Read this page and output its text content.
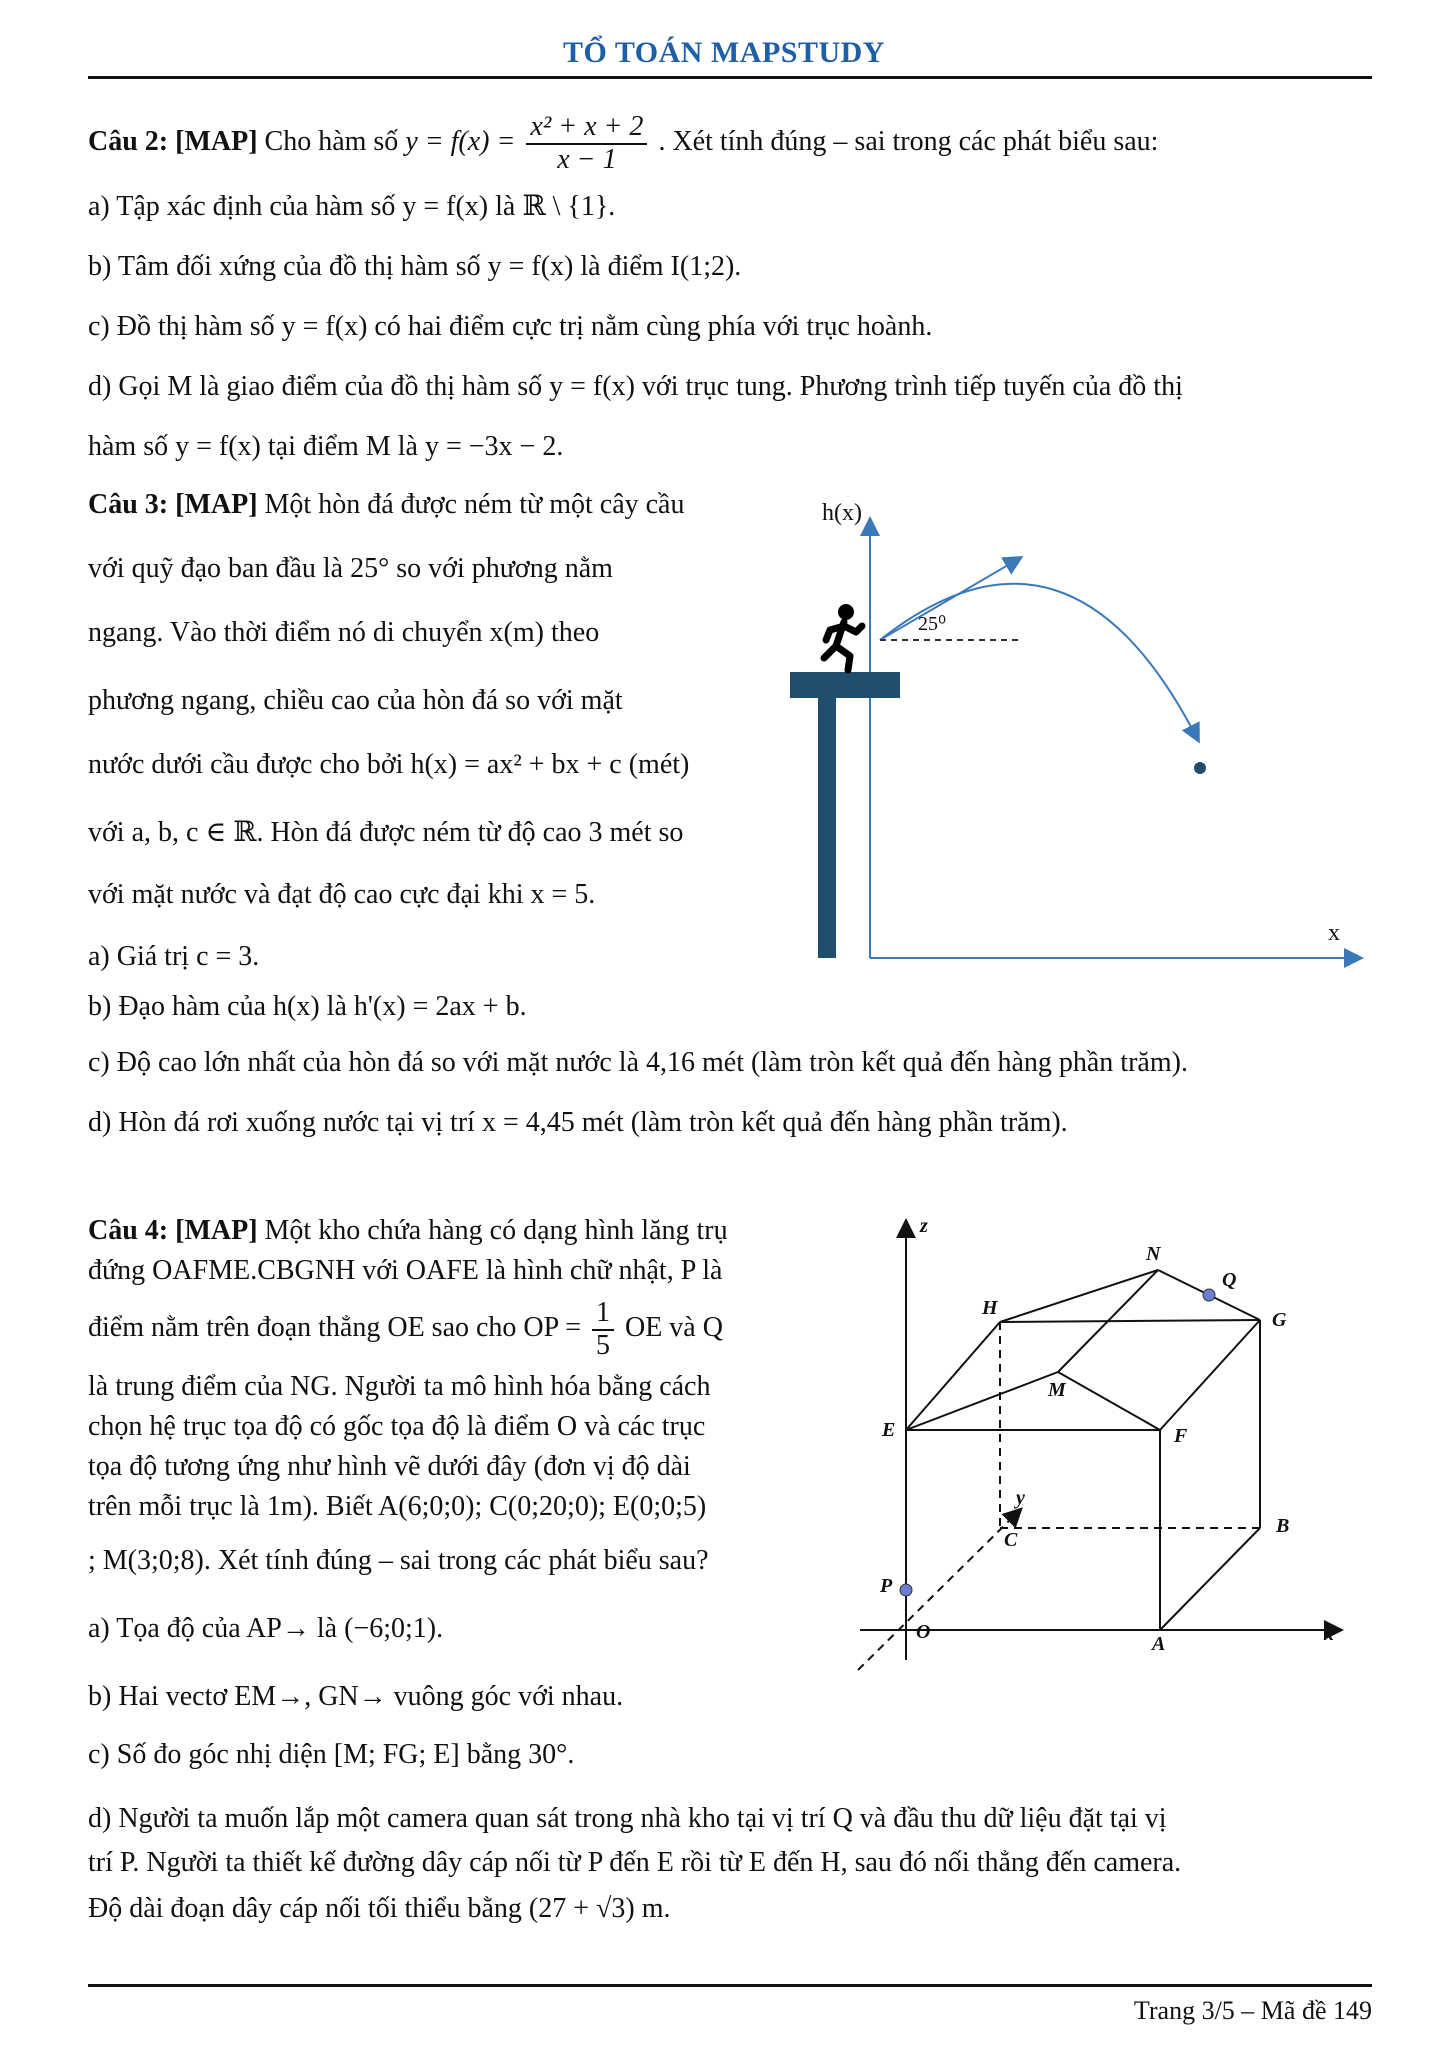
TỔ TOÁN MAPSTUDY
Câu 2: [MAP] Cho hàm số $y = f(x) = \frac{\text{x² + x + 2}}{x - 1}$ . Xét tính đúng – sai trong các phát biểu sau:
a) Tập xác định của hàm số y = f(x) là ℝ \ {1}.
b) Tâm đối xứng của đồ thị hàm số y = f(x) là điểm I(1;2).
c) Đồ thị hàm số y = f(x) có hai điểm cực trị nằm cùng phía với trục hoành.
d) Gọi M là giao điểm của đồ thị hàm số y = f(x) với trục tung. Phương trình tiếp tuyến của đồ thị
hàm số y = f(x) tại điểm M là y = −3x − 2.
Câu 3: [MAP] Một hòn đá được ném từ một cây cầu
với quỹ đạo ban đầu là 25° so với phương nằm
ngang. Vào thời điểm nó di chuyển x(m) theo
phương ngang, chiều cao của hòn đá so với mặt
nước dưới cầu được cho bởi h(x) = ax² + bx + c (mét)
với a, b, c ∈ ℝ. Hòn đá được ném từ độ cao 3 mét so
với mặt nước và đạt độ cao cực đại khi x = 5.
a) Giá trị c = 3.
b) Đạo hàm của h(x) là h'(x) = 2ax + b.
c) Độ cao lớn nhất của hòn đá so với mặt nước là 4,16 mét (làm tròn kết quả đến hàng phần trăm).
d) Hòn đá rơi xuống nước tại vị trí x = 4,45 mét (làm tròn kết quả đến hàng phần trăm).
h(x)
x
25⁰
Câu 4: [MAP] Một kho chứa hàng có dạng hình lăng trụ
đứng OAFME.CBGNH với OAFE là hình chữ nhật, P là
điểm nằm trên đoạn thẳng OE sao cho OP = $\frac{1}{5}$ OE và Q
là trung điểm của NG. Người ta mô hình hóa bằng cách
chọn hệ trục tọa độ có gốc tọa độ là điểm O và các trục
tọa độ tương ứng như hình vẽ dưới đây (đơn vị độ dài
trên mỗi trục là 1m). Biết A(6;0;0); C(0;20;0); E(0;0;5)
; M(3;0;8). Xét tính đúng – sai trong các phát biểu sau?
a) Tọa độ của AP→ là (−6;0;1).
b) Hai vectơ EM→, GN→ vuông góc với nhau.
c) Số đo góc nhị diện [M; FG; E] bằng 30°.
d) Người ta muốn lắp một camera quan sát trong nhà kho tại vị trí Q và đầu thu dữ liệu đặt tại vị
trí P. Người ta thiết kế đường dây cáp nối từ P đến E rồi từ E đến H, sau đó nối thẳng đến camera.
Độ dài đoạn dây cáp nối tối thiểu bằng (27 + √3) m.
z
N
Q
H
G
M
E	F
y
C
B
P
O
A	x
Trang 3/5 – Mã đề 149
